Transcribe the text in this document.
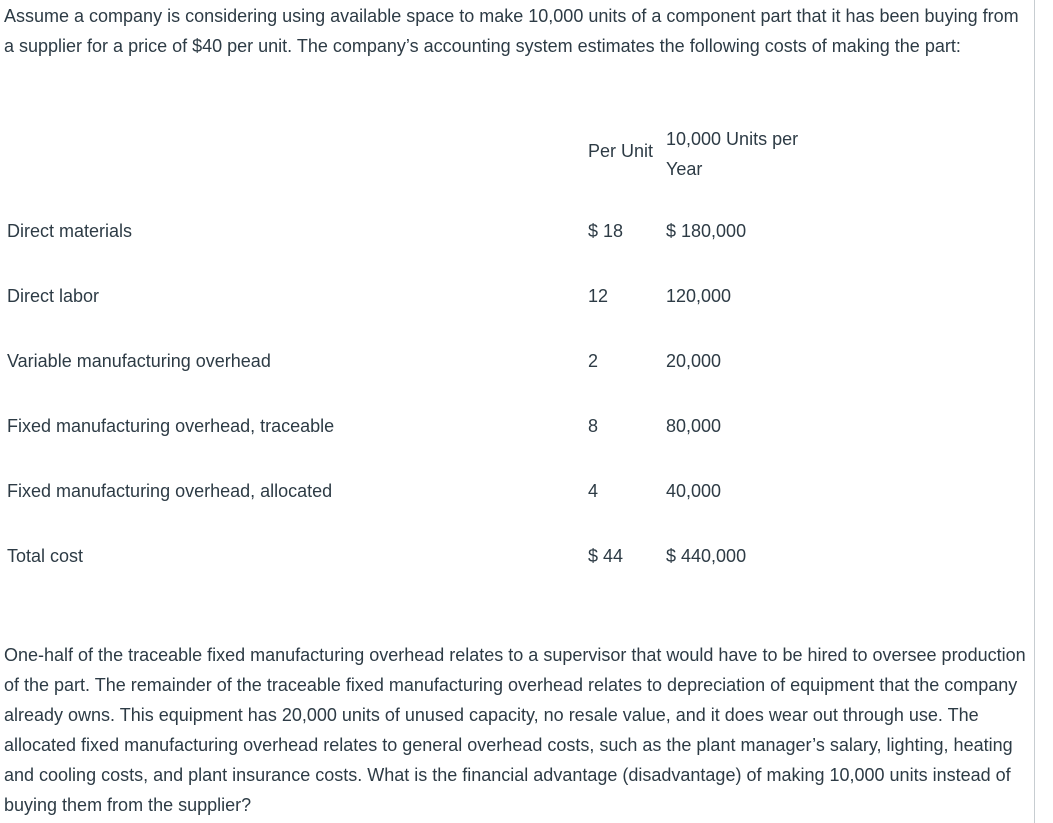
Assume a company is considering using available space to make 10,000 units of a component part that it has been buying from a supplier for a price of $40 per unit. The company’s accounting system estimates the following costs of making the part:

Per Unit
10,000 Units per Year
Direct materials	$ 18 $ 180,000
Direct labor	12	120,000
Variable manufacturing overhead	2	20,000
Fixed manufacturing overhead, traceable	8	80,000
Fixed manufacturing overhead, allocated	4	40,000
Total cost	$ 44 $ 440,000

One-half of the traceable fixed manufacturing overhead relates to a supervisor that would have to be hired to oversee production of the part. The remainder of the traceable fixed manufacturing overhead relates to depreciation of equipment that the company already owns. This equipment has 20,000 units of unused capacity, no resale value, and it does wear out through use. The allocated fixed manufacturing overhead relates to general overhead costs, such as the plant manager’s salary, lighting, heating and cooling costs, and plant insurance costs. What is the financial advantage (disadvantage) of making 10,000 units instead of buying them from the supplier?
